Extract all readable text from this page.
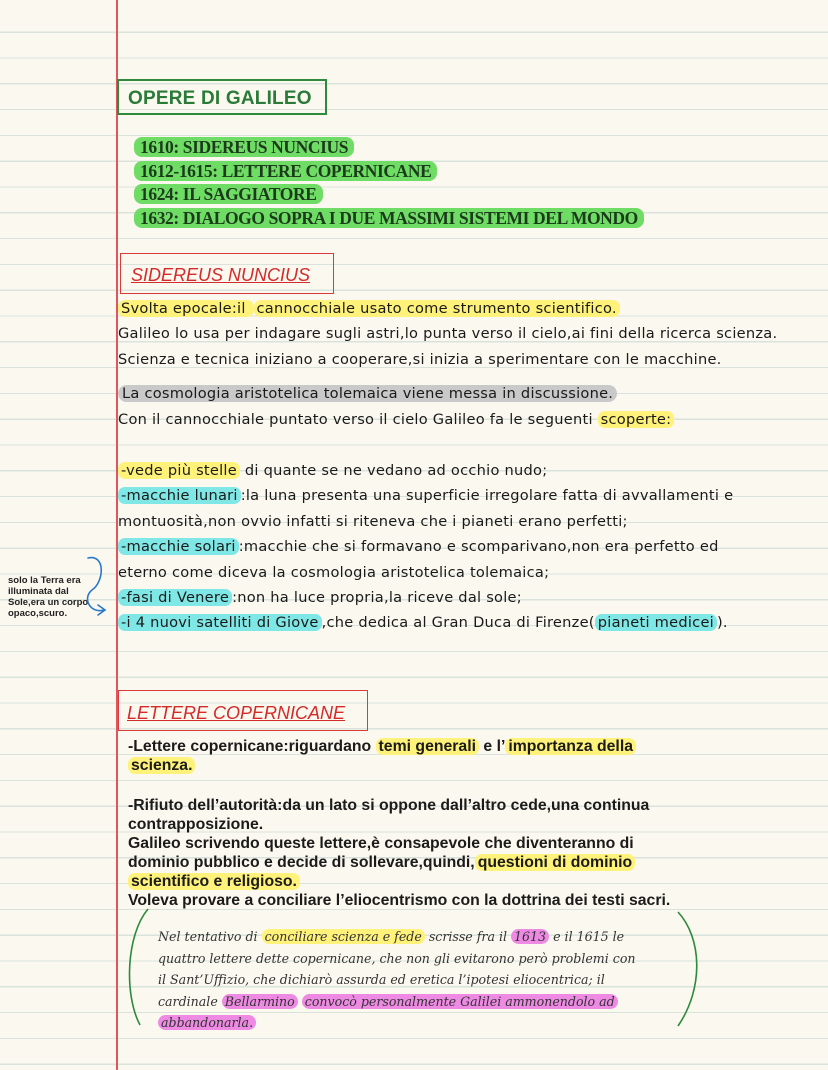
OPERE DI GALILEO
1610: SIDEREUS NUNCIUS
1612-1615: LETTERE COPERNICANE
1624: IL SAGGIATORE
1632: DIALOGO SOPRA I DUE MASSIMI SISTEMI DEL MONDO
SIDEREUS NUNCIUS
Svolta epocale:il cannocchiale usato come strumento scientifico.
Galileo lo usa per indagare sugli astri,lo punta verso il cielo,ai fini della ricerca scienza.
Scienza e tecnica iniziano a cooperare,si inizia a sperimentare con le macchine.
La cosmologia aristotelica tolemaica viene messa in discussione.
Con il cannocchiale puntato verso il cielo Galileo fa le seguenti scoperte:
-vede più stelle di quante se ne vedano ad occhio nudo;
-macchie lunari :la luna presenta una superficie irregolare fatta di avvallamenti e
montuosità,non ovvio infatti si riteneva che i pianeti erano perfetti;
-macchie solari :macchie che si formavano e scomparivano,non era perfetto ed
eterno come diceva la cosmologia aristotelica tolemaica;
-fasi di Venere :non ha luce propria,la riceve dal sole;
-i 4 nuovi satelliti di Giove ,che dedica al Gran Duca di Firenze( pianeti medicei ).
solo la Terra era illuminata dal Sole,era un corpo opaco,scuro.
LETTERE COPERNICANE
-Lettere copernicane:riguardano temi generali e l’ importanza della
scienza.
-Rifiuto dell’autorità:da un lato si oppone dall’altro cede,una continua
contrapposizione.
Galileo scrivendo queste lettere,è consapevole che diventeranno di
dominio pubblico e decide di sollevare,quindi, questioni di dominio
scientifico e religioso.
Voleva provare a conciliare l’eliocentrismo con la dottrina dei testi sacri.
Nel tentativo di conciliare scienza e fede scrisse fra il 1613 e il 1615 le
quattro lettere dette copernicane, che non gli evitarono però problemi con
il Sant’Uffizio, che dichiarò assurda ed eretica l’ipotesi eliocentrica; il
cardinale Bellarmino convocò personalmente Galilei ammonendolo ad
abbandonarla.
